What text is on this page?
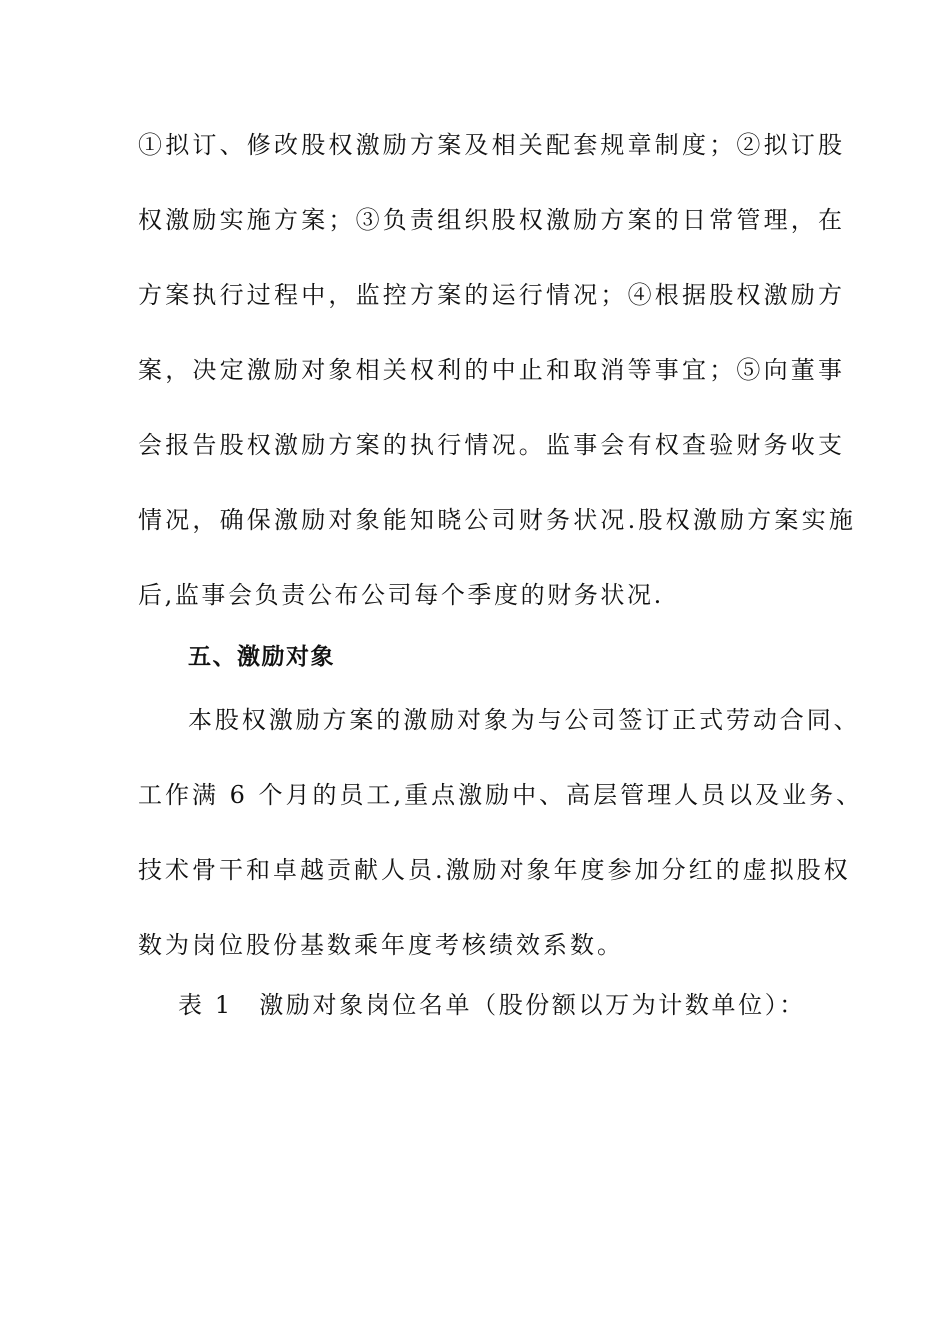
①拟订、修改股权激励方案及相关配套规章制度；②拟订股

权激励实施方案；③负责组织股权激励方案的日常管理，在

方案执行过程中，监控方案的运行情况；④根据股权激励方

案，决定激励对象相关权利的中止和取消等事宜；⑤向董事

会报告股权激励方案的执行情况。监事会有权查验财务收支

情况，确保激励对象能知晓公司财务状况.股权激励方案实施

后,监事会负责公布公司每个季度的财务状况.

五、激励对象

本股权激励方案的激励对象为与公司签订正式劳动合同、

工作满 6 个月的员工,重点激励中、高层管理人员以及业务、

技术骨干和卓越贡献人员.激励对象年度参加分红的虚拟股权

数为岗位股份基数乘年度考核绩效系数。

表 1　激励对象岗位名单（股份额以万为计数单位）：
